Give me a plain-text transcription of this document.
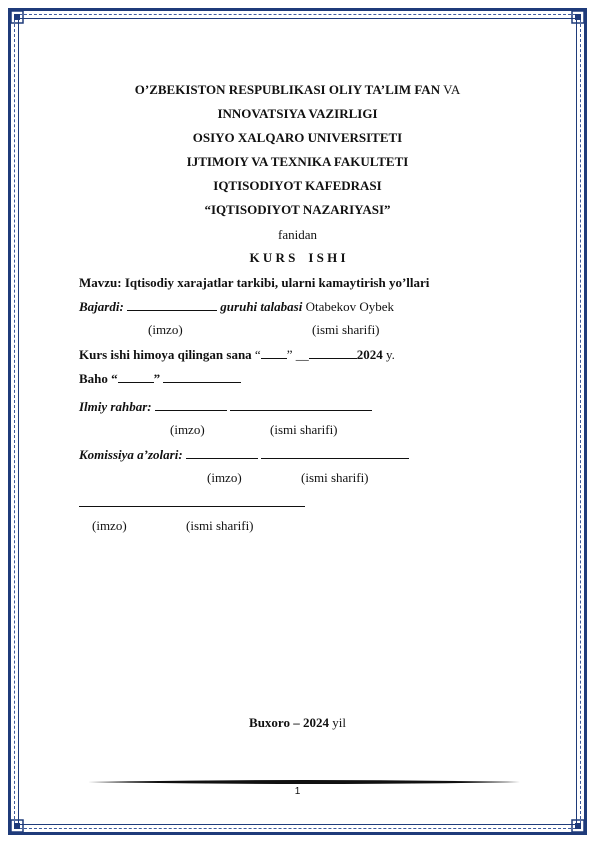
O’ZBEKISTON RESPUBLIKASI OLIY TA’LIM FAN VA
INNOVATSIYA VAZIRLIGI
OSIYO XALQARO UNIVERSITETI
IJTIMOIY VA TEXNIKA FAKULTETI
IQTISODIYOT KAFEDRASI
“IQTISODIYOT NAZARIYASI”
fanidan
K U R S    I S H I
Mavzu: Iqtisodiy xarajatlar tarkibi, ularni kamaytirish yo’llari
Bajardi:	guruhi talabasi Otabekov Oybek
(imzo)	(ismi sharifi)
Kurs ishi himoya qilingan sana “ ” __	2024 y.
Baho “	”
Ilmiy rahbar:
(imzo)	(ismi sharifi)
Komissiya a’zolari:
(imzo)	(ismi sharifi)
(imzo)	(ismi sharifi)
Buxoro – 2024 yil
1
